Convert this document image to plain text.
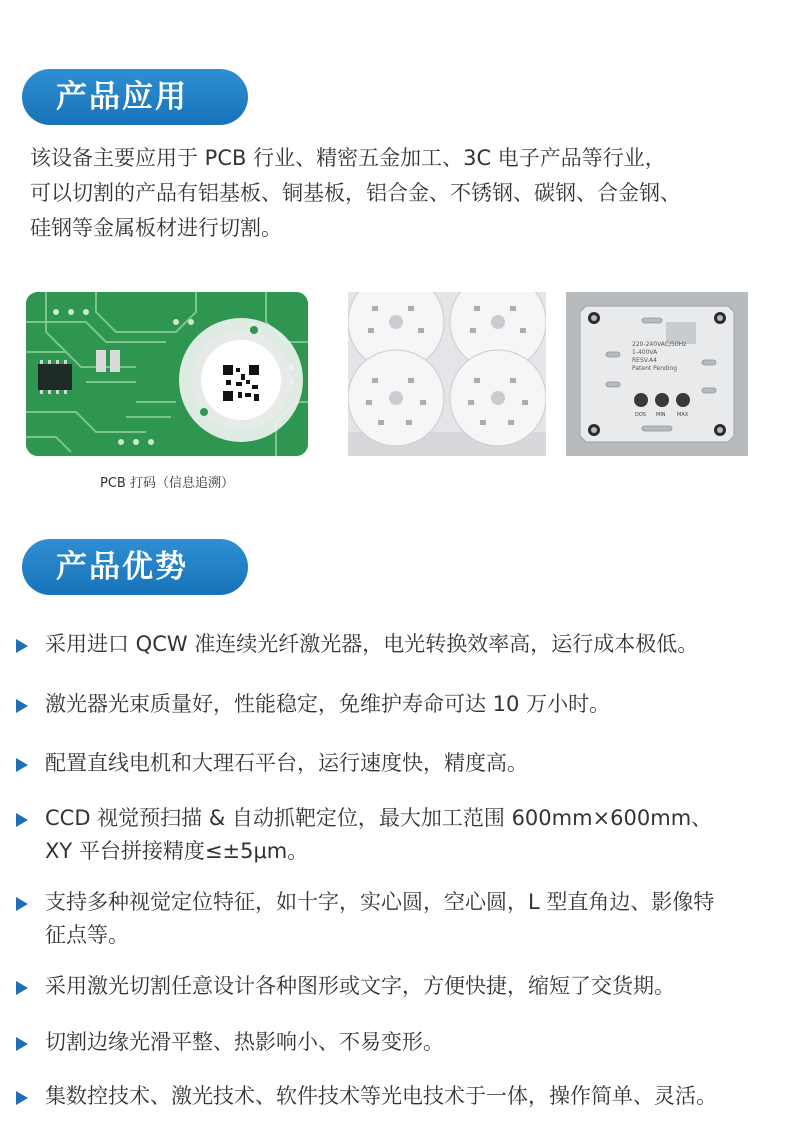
产品应用

该设备主要应用于 PCB 行业、精密五金加工、3C 电子产品等行业，
可以切割的产品有铝基板、铜基板，铝合金、不锈钢、碳钢、合金钢、
硅钢等金属板材进行切割。

220-240VAC/50Hz
1-400VA
RESV.A4
Patent Pending
DOS MIN MAX
PCB 打码（信息追溯）
产品优势
采用进口 QCW 准连续光纤激光器，电光转换效率高，运行成本极低。
激光器光束质量好，性能稳定，免维护寿命可达 10 万小时。
配置直线电机和大理石平台，运行速度快，精度高。
CCD 视觉预扫描 & 自动抓靶定位，最大加工范围 600mm×600mm、
XY 平台拼接精度≤±5μm。
支持多种视觉定位特征，如十字，实心圆，空心圆，L 型直角边、影像特
征点等。
采用激光切割任意设计各种图形或文字，方便快捷，缩短了交货期。
切割边缘光滑平整、热影响小、不易变形。
集数控技术、激光技术、软件技术等光电技术于一体，操作简单、灵活。
